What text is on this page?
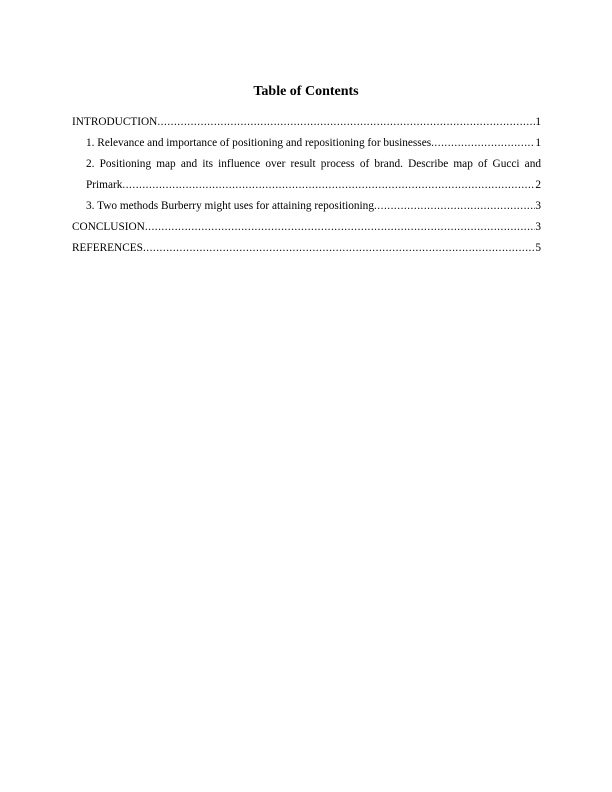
Table of Contents
INTRODUCTION .....	1
1. Relevance and importance of positioning and repositioning for businesses .....	1
2. Positioning map and its influence over result process of brand. Describe map of Gucci and
Primark .....	2
3. Two methods Burberry might uses for attaining repositioning .....	3
CONCLUSION .....	3
REFERENCES .....	5
